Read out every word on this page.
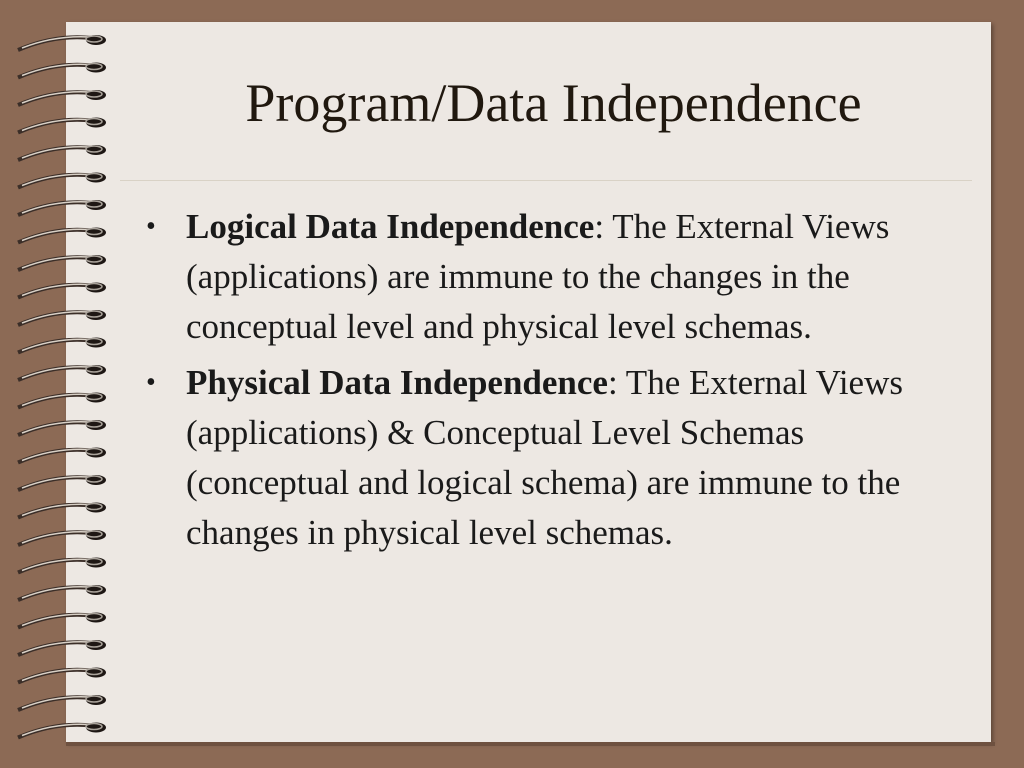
Program/Data Independence
• Logical Data Independence: The External Views (applications) are immune to the changes in the conceptual level and physical level schemas.
• Physical Data Independence: The External Views (applications) & Conceptual Level Schemas (conceptual and logical schema) are immune to the changes in physical level schemas.
